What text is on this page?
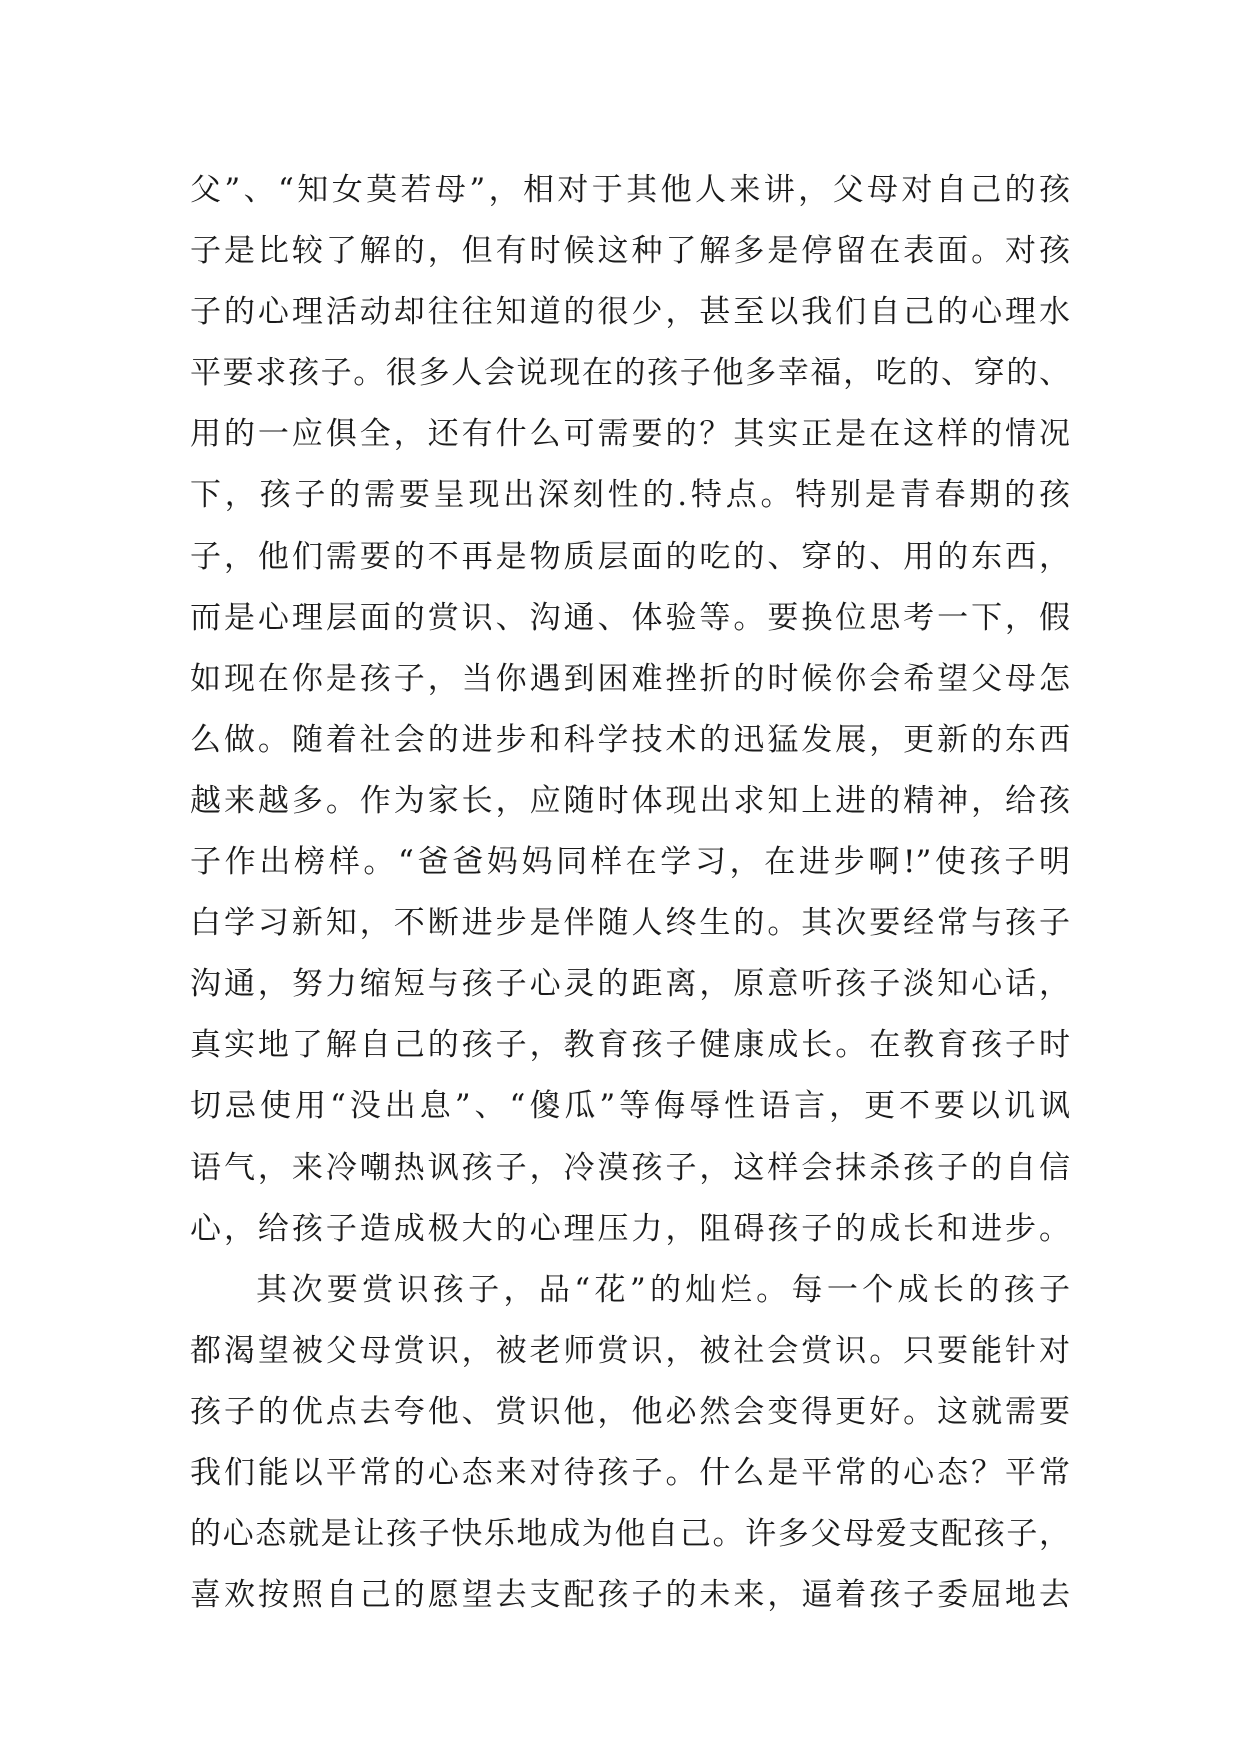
父”、“知女莫若母”，相对于其他人来讲，父母对自己的孩
子是比较了解的，但有时候这种了解多是停留在表面。对孩
子的心理活动却往往知道的很少，甚至以我们自己的心理水
平要求孩子。很多人会说现在的孩子他多幸福，吃的、穿的、
用的一应俱全，还有什么可需要的？其实正是在这样的情况
下，孩子的需要呈现出深刻性的.特点。特别是青春期的孩
子，他们需要的不再是物质层面的吃的、穿的、用的东西，
而是心理层面的赏识、沟通、体验等。要换位思考一下，假
如现在你是孩子，当你遇到困难挫折的时候你会希望父母怎
么做。随着社会的进步和科学技术的迅猛发展，更新的东西
越来越多。作为家长，应随时体现出求知上进的精神，给孩
子作出榜样。“爸爸妈妈同样在学习，在进步啊!”使孩子明
白学习新知，不断进步是伴随人终生的。其次要经常与孩子
沟通，努力缩短与孩子心灵的距离，原意听孩子淡知心话，
真实地了解自己的孩子，教育孩子健康成长。在教育孩子时
切忌使用“没出息”、“傻瓜”等侮辱性语言，更不要以讥讽
语气，来冷嘲热讽孩子，冷漠孩子，这样会抹杀孩子的自信
心，给孩子造成极大的心理压力，阻碍孩子的成长和进步。
其次要赏识孩子，品“花”的灿烂。每一个成长的孩子
都渴望被父母赏识，被老师赏识，被社会赏识。只要能针对
孩子的优点去夸他、赏识他，他必然会变得更好。这就需要
我们能以平常的心态来对待孩子。什么是平常的心态？平常
的心态就是让孩子快乐地成为他自己。许多父母爱支配孩子，
喜欢按照自己的愿望去支配孩子的未来，逼着孩子委屈地去
